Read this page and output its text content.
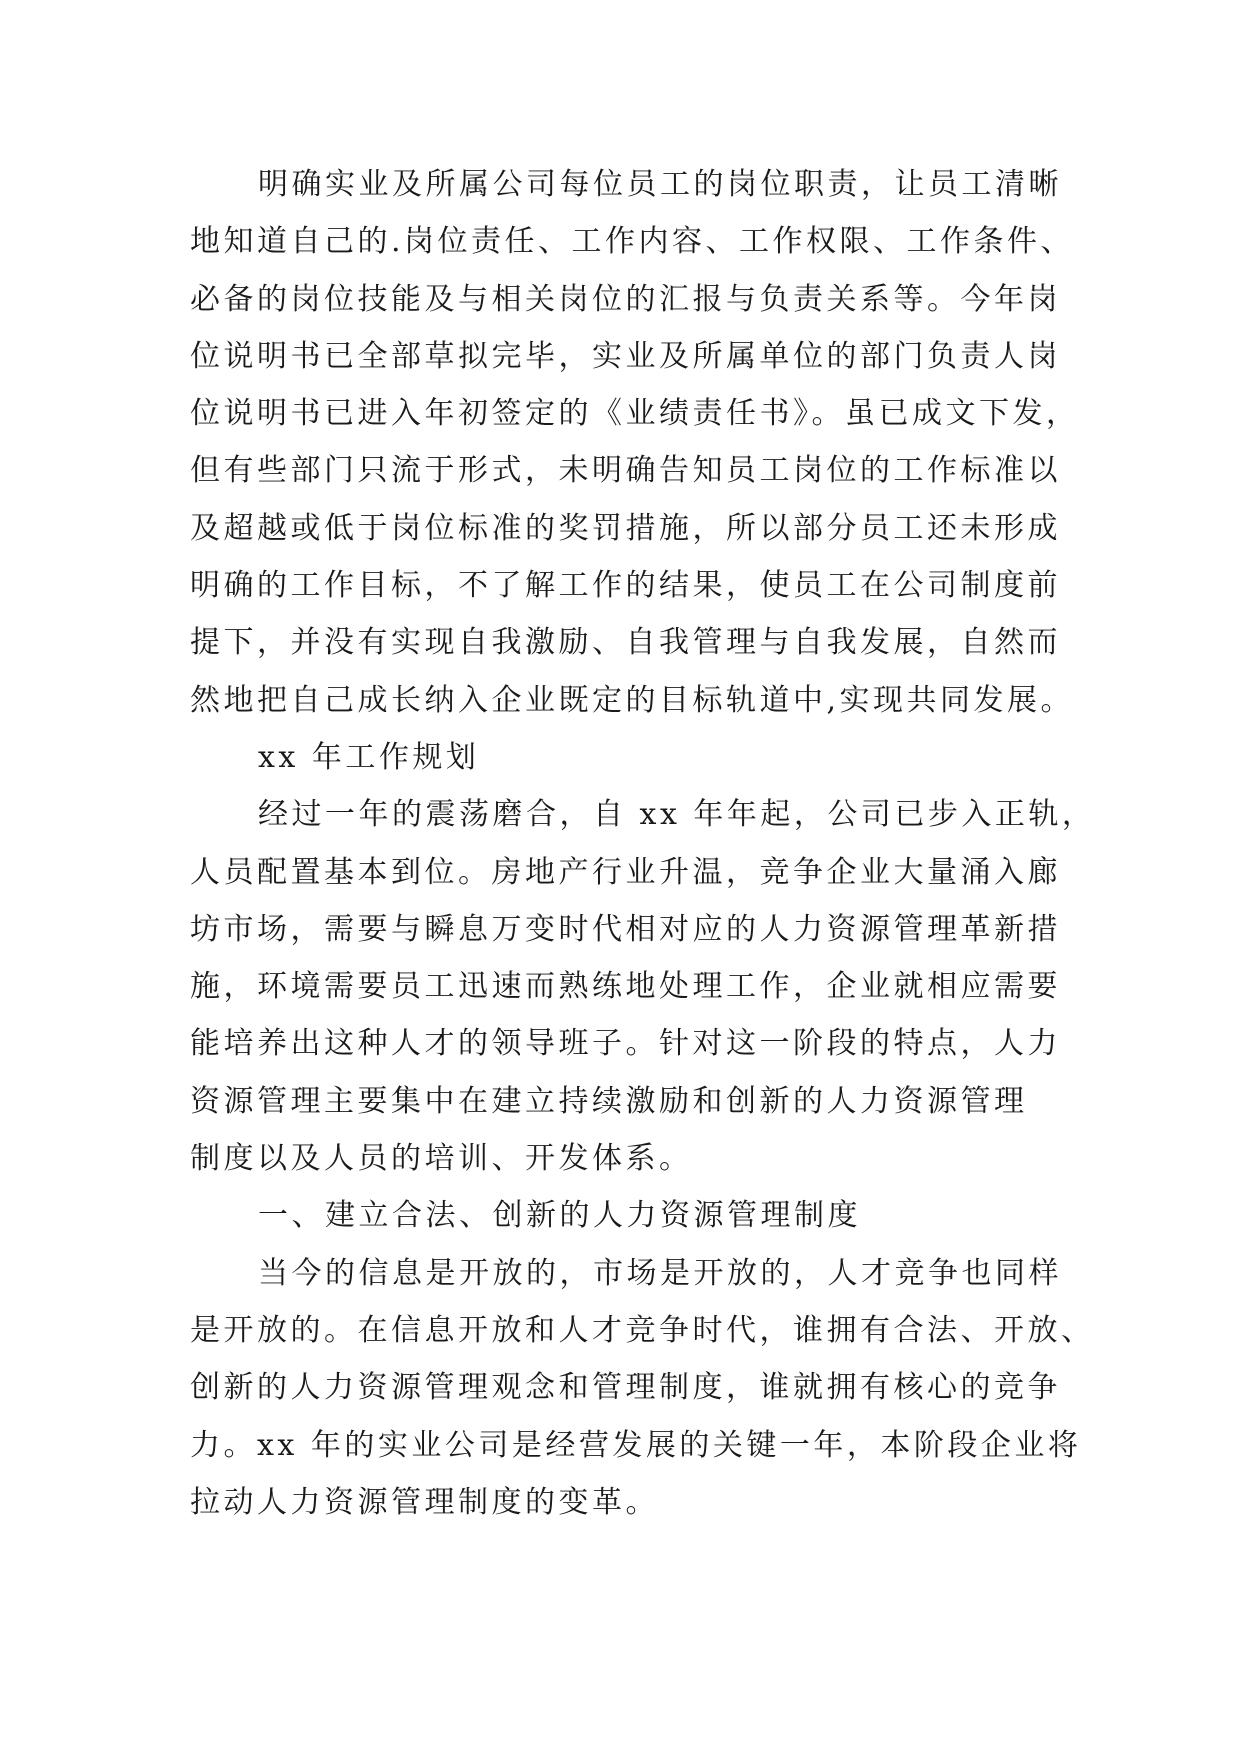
明确实业及所属公司每位员工的岗位职责，让员工清晰
地知道自己的.岗位责任、工作内容、工作权限、工作条件、
必备的岗位技能及与相关岗位的汇报与负责关系等。今年岗
位说明书已全部草拟完毕，实业及所属单位的部门负责人岗
位说明书已进入年初签定的《业绩责任书》。虽已成文下发，
但有些部门只流于形式，未明确告知员工岗位的工作标准以
及超越或低于岗位标准的奖罚措施，所以部分员工还未形成
明确的工作目标，不了解工作的结果，使员工在公司制度前
提下，并没有实现自我激励、自我管理与自我发展，自然而
然地把自己成长纳入企业既定的目标轨道中,实现共同发展。
xx 年工作规划
经过一年的震荡磨合，自 xx 年年起，公司已步入正轨，
人员配置基本到位。房地产行业升温，竞争企业大量涌入廊
坊市场，需要与瞬息万变时代相对应的人力资源管理革新措
施，环境需要员工迅速而熟练地处理工作，企业就相应需要
能培养出这种人才的领导班子。针对这一阶段的特点，人力
资源管理主要集中在建立持续激励和创新的人力资源管理
制度以及人员的培训、开发体系。
一、建立合法、创新的人力资源管理制度
当今的信息是开放的，市场是开放的，人才竞争也同样
是开放的。在信息开放和人才竞争时代，谁拥有合法、开放、
创新的人力资源管理观念和管理制度，谁就拥有核心的竞争
力。xx 年的实业公司是经营发展的关键一年，本阶段企业将
拉动人力资源管理制度的变革。
